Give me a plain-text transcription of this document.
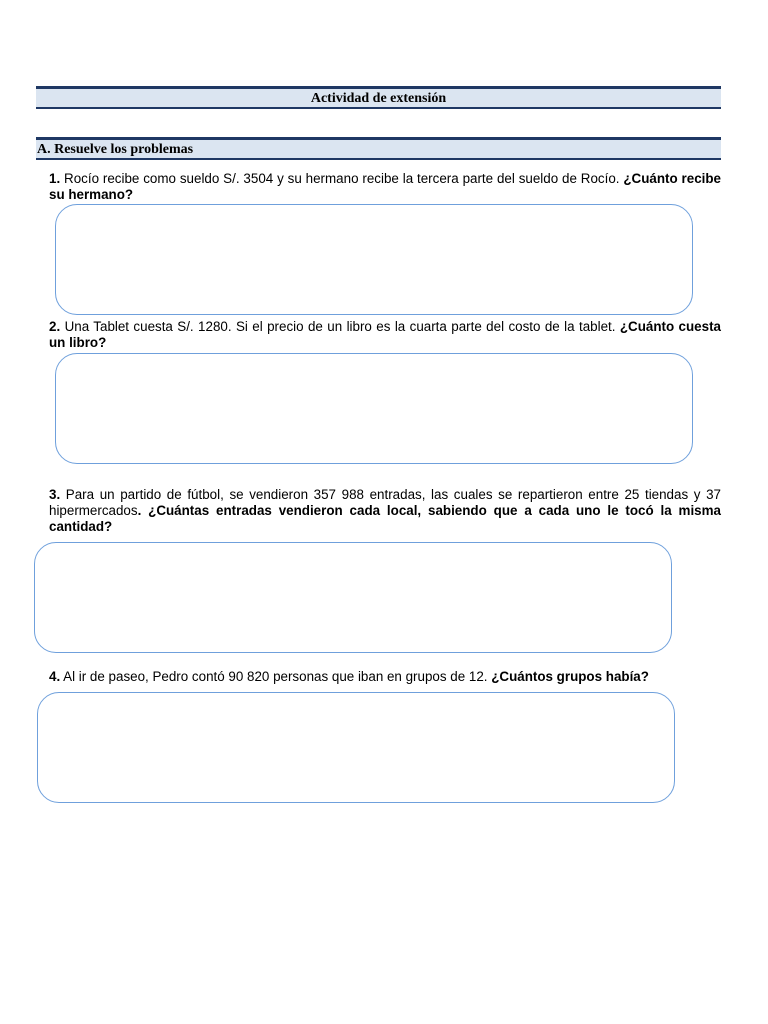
Actividad de extensión
A. Resuelve los problemas
1. Rocío recibe como sueldo S/. 3504 y su hermano recibe la tercera parte del sueldo de Rocío. ¿Cuánto recibe su hermano?
2. Una Tablet cuesta S/. 1280. Si el precio de un libro es la cuarta parte del costo de la tablet. ¿Cuánto cuesta un libro?
3. Para un partido de fútbol, se vendieron 357 988 entradas, las cuales se repartieron entre 25 tiendas y 37 hipermercados. ¿Cuántas entradas vendieron cada local, sabiendo que a cada uno le tocó la misma cantidad?
4. Al ir de paseo, Pedro contó 90 820 personas que iban en grupos de 12. ¿Cuántos grupos había?
